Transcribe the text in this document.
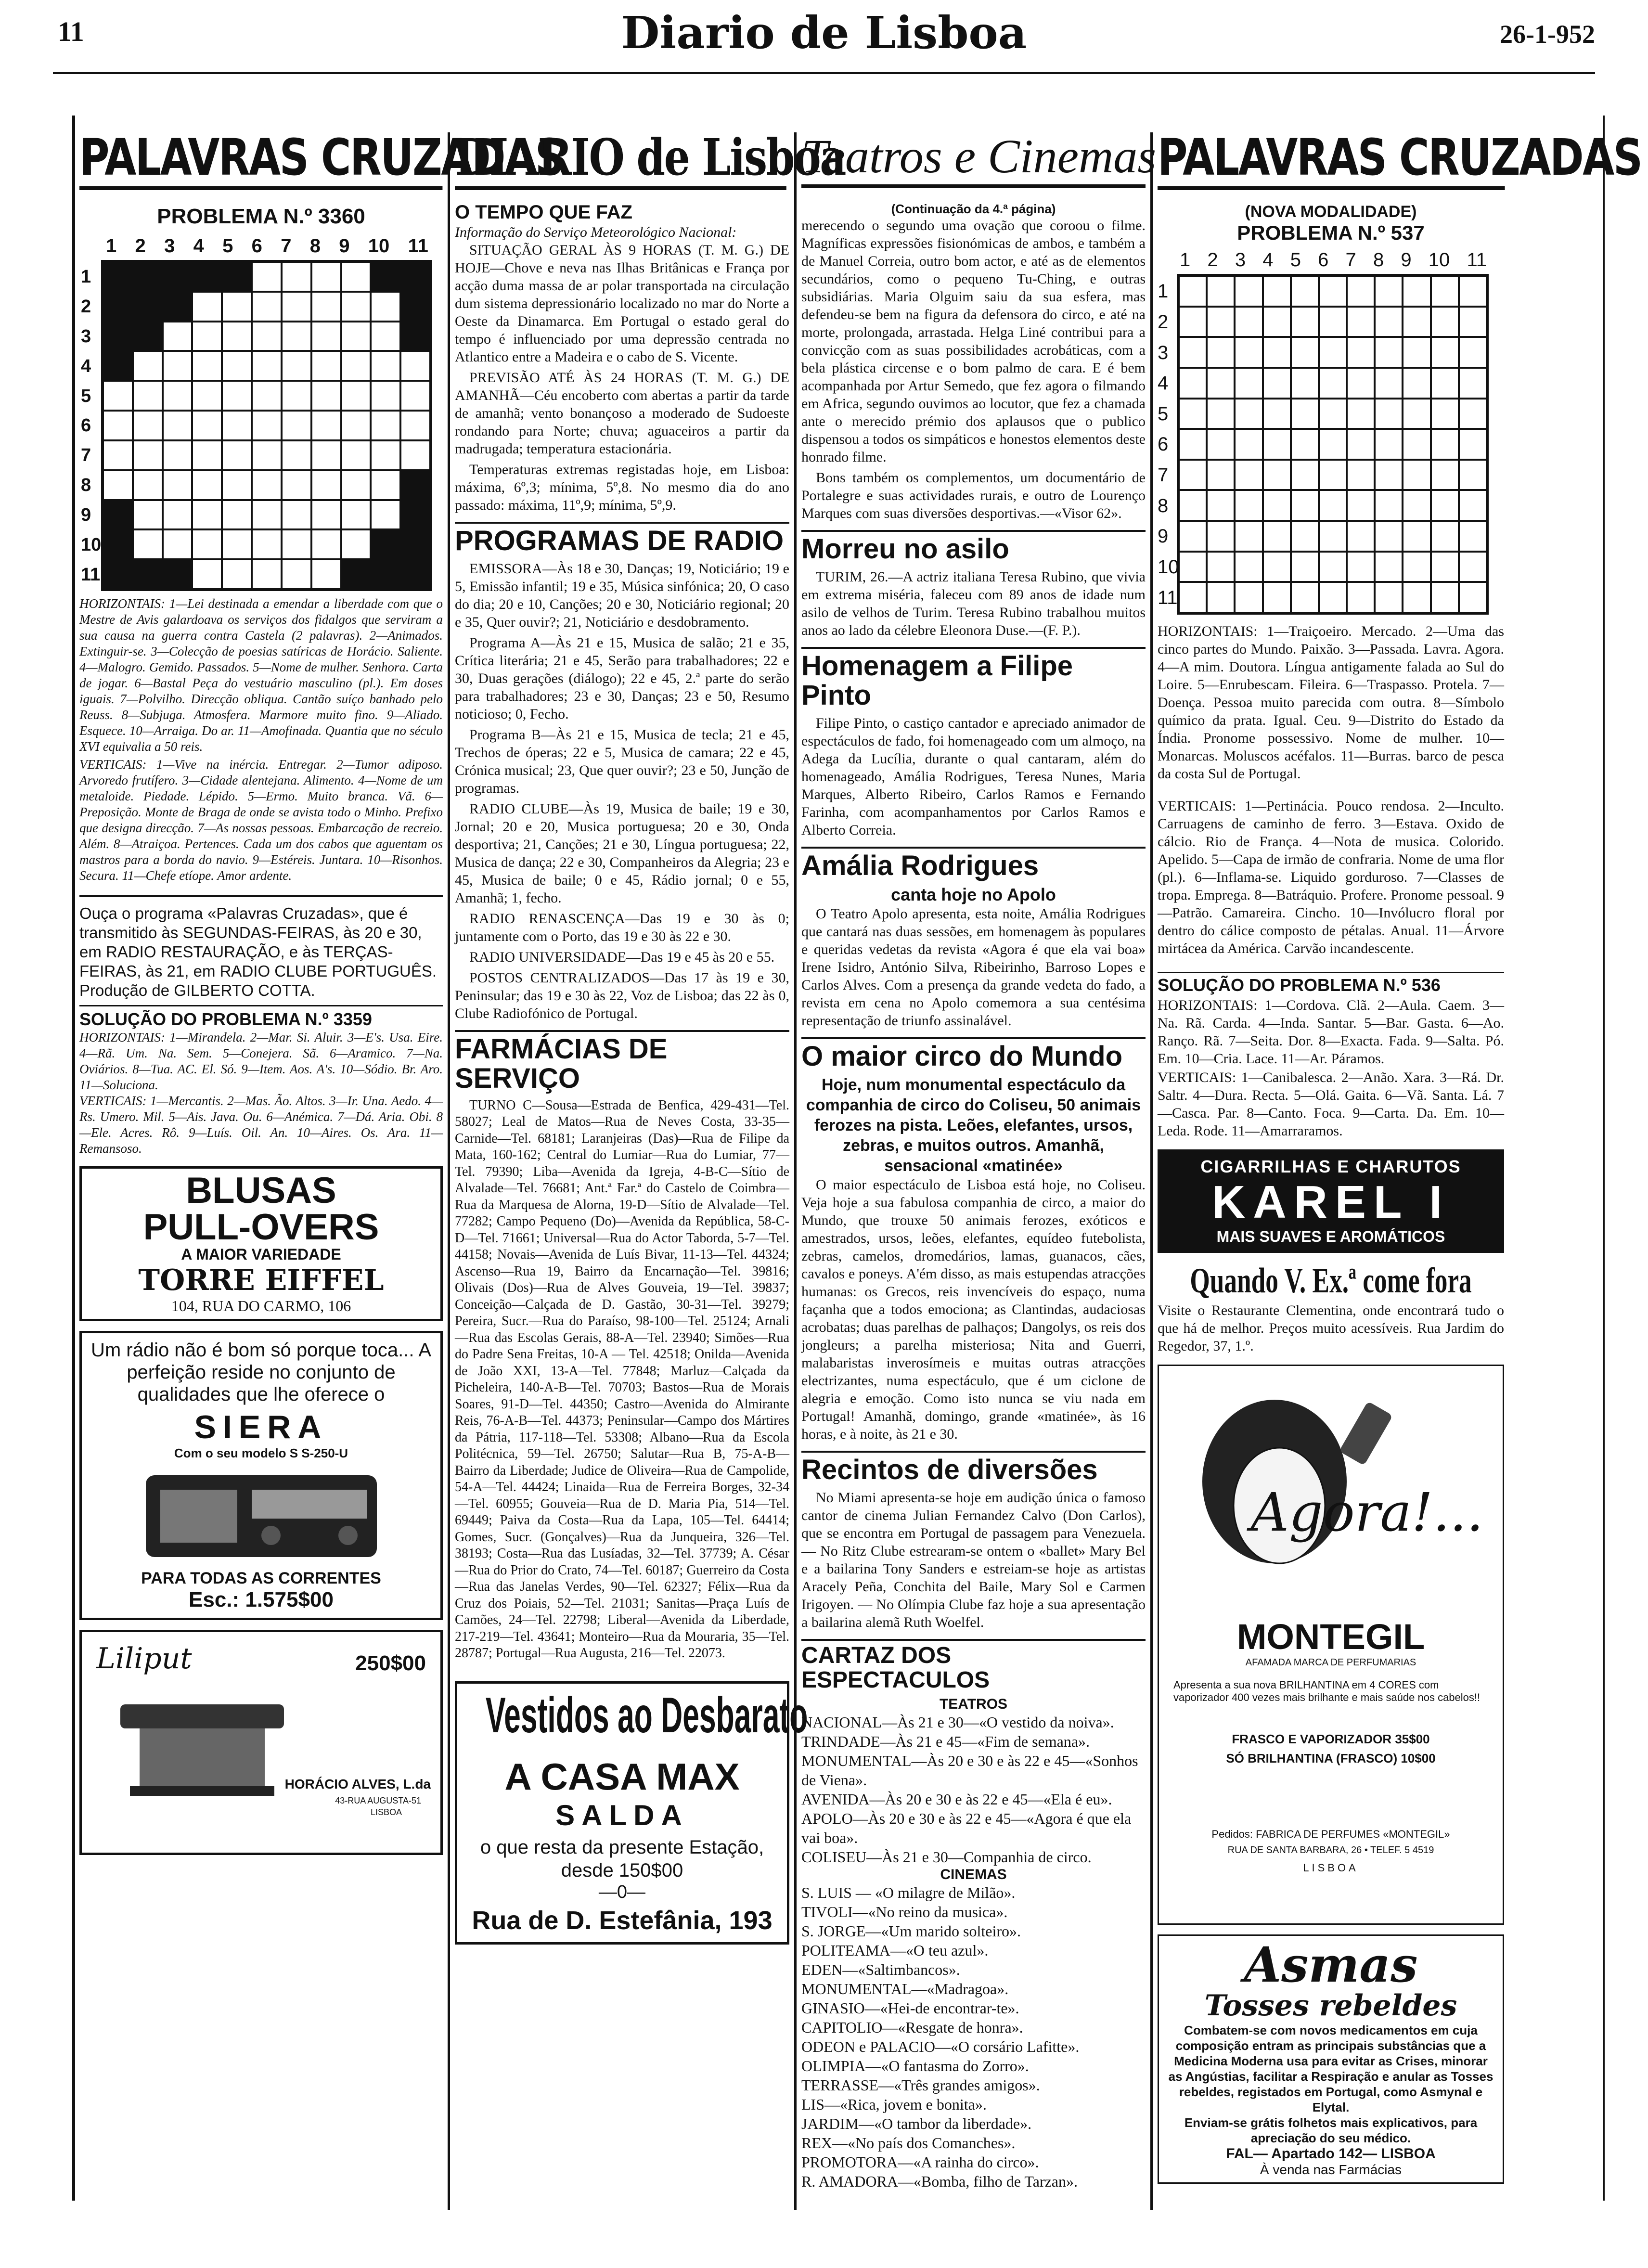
11	Diario de Lisboa	26-1-952
PALAVRAS CRUZADAS
PROBLEMA N.º 3360
1 2 3 4 5 6 7 8 9 10 11
1
2
3
4
5
6
7
8
9
10
11
HORIZONTAIS: 1—Lei destinada a emendar a liberdade com que o Mestre de Avis galardoava os serviços dos fidalgos que serviram a sua causa na guerra contra Castela (2 palavras). 2—Animados. Extinguir-se. 3—Colecção de poesias satíricas de Horácio. Saliente. 4—Malogro. Gemido. Passados. 5—Nome de mulher. Senhora. Carta de jogar. 6—Bastal Peça do vestuário masculino (pl.). Em doses iguais. 7—Polvilho. Direcção obliqua. Cantão suíço banhado pelo Reuss. 8—Subjuga. Atmosfera. Marmore muito fino. 9—Aliado. Esquece. 10—Arraiga. Do ar. 11—Amofinada. Quantia que no século XVI equivalia a 50 reis.
VERTICAIS: 1—Vive na inércia. Entregar. 2—Tumor adiposo. Arvoredo frutífero. 3—Cidade alentejana. Alimento. 4—Nome de um metaloide. Piedade. Lépido. 5—Ermo. Muito branca. Vã. 6—Preposição. Monte de Braga de onde se avista todo o Minho. Prefixo que designa direcção. 7—As nossas pessoas. Embarcação de recreio. Além. 8—Atraiçoa. Pertences. Cada um dos cabos que aguentam os mastros para a borda do navio. 9—Estéreis. Juntara. 10—Risonhos. Secura. 11—Chefe etíope. Amor ardente.
Ouça o programa «Palavras Cruzadas», que é transmitido às SEGUNDAS-FEIRAS, às 20 e 30, em RADIO RESTAURAÇÃO, e às TERÇAS-FEIRAS, às 21, em RADIO CLUBE PORTUGUÊS. Produção de GILBERTO COTTA.
SOLUÇÃO DO PROBLEMA N.º 3359
HORIZONTAIS: 1—Mirandela. 2—Mar. Si. Aluir. 3—E's. Usa. Eire. 4—Rã. Um. Na. Sem. 5—Conejera. Sã. 6—Aramico. 7—Na. Oviários. 8—Tua. AC. El. Só. 9—Item. Aos. A's. 10—Sódio. Br. Aro. 11—Soluciona.
VERTICAIS: 1—Mercantis. 2—Mas. Ão. Altos. 3—Ir. Una. Aedo. 4—Rs. Umero. Mil. 5—Ais. Java. Ou. 6—Anémica. 7—Dá. Aria. Obi. 8—Ele. Acres. Rô. 9—Luís. Oil. An. 10—Aires. Os. Ara. 11—Remansoso.
BLUSAS
PULL-OVERS
A MAIOR VARIEDADE
TORRE EIFFEL
104, RUA DO CARMO, 106
Um rádio não é bom só porque toca... A perfeição reside no conjunto de qualidades que lhe oferece o
SIERA
Com o seu modelo S S-250-U
PARA TODAS AS CORRENTES
Esc.: 1.575$00
Liliput	250$00
HORÁCIO ALVES, L.da
43-RUA AUGUSTA-51
LISBOA
DIARIO de Lisboa
O TEMPO QUE FAZ
Informação do Serviço Meteorológico Nacional:

SITUAÇÃO GERAL ÀS 9 HORAS (T. M. G.) DE HOJE—Chove e neva nas Ilhas Britânicas e França por acção duma massa de ar polar transportada na circulação dum sistema depressionário localizado no mar do Norte a Oeste da Dinamarca. Em Portugal o estado geral do tempo é influenciado por uma depressão centrada no Atlantico entre a Madeira e o cabo de S. Vicente.

PREVISÃO ATÉ ÀS 24 HORAS (T. M. G.) DE AMANHÃ—Céu encoberto com abertas a partir da tarde de amanhã; vento bonançoso a moderado de Sudoeste rondando para Norte; chuva; aguaceiros a partir da madrugada; temperatura estacionária.

Temperaturas extremas registadas hoje, em Lisboa: máxima, 6º,3; mínima, 5º,8. No mesmo dia do ano passado: máxima, 11º,9; mínima, 5º,9.

PROGRAMAS DE RADIO

EMISSORA—Às 18 e 30, Danças; 19, Noticiário; 19 e 5, Emissão infantil; 19 e 35, Música sinfónica; 20, O caso do dia; 20 e 10, Canções; 20 e 30, Noticiário regional; 20 e 35, Quer ouvir?; 21, Noticiário e desdobramento.

Programa A—Às 21 e 15, Musica de salão; 21 e 35, Crítica literária; 21 e 45, Serão para trabalhadores; 22 e 30, Duas gerações (diálogo); 22 e 45, 2.ª parte do serão para trabalhadores; 23 e 30, Danças; 23 e 50, Resumo noticioso; 0, Fecho.

Programa B—Às 21 e 15, Musica de tecla; 21 e 45, Trechos de óperas; 22 e 5, Musica de camara; 22 e 45, Crónica musical; 23, Que quer ouvir?; 23 e 50, Junção de programas.

RADIO CLUBE—Às 19, Musica de baile; 19 e 30, Jornal; 20 e 20, Musica portuguesa; 20 e 30, Onda desportiva; 21, Canções; 21 e 30, Língua portuguesa; 22, Musica de dança; 22 e 30, Companheiros da Alegria; 23 e 45, Musica de baile; 0 e 45, Rádio jornal; 0 e 55, Amanhã; 1, fecho.

RADIO RENASCENÇA—Das 19 e 30 às 0; juntamente com o Porto, das 19 e 30 às 22 e 30.

RADIO UNIVERSIDADE—Das 19 e 45 às 20 e 55.

POSTOS CENTRALIZADOS—Das 17 às 19 e 30, Peninsular; das 19 e 30 às 22, Voz de Lisboa; das 22 às 0, Clube Radiofónico de Portugal.

FARMÁCIAS DE SERVIÇO

TURNO C—Sousa—Estrada de Benfica, 429-431—Tel. 58027; Leal de Matos—Rua de Neves Costa, 33-35—Carnide—Tel. 68181; Laranjeiras (Das)—Rua de Filipe da Mata, 160-162; Central do Lumiar—Rua do Lumiar, 77—Tel. 79390; Liba—Avenida da Igreja, 4-B-C—Sítio de Alvalade—Tel. 76681; Ant.ª Far.ª do Castelo de Coimbra—Rua da Marquesa de Alorna, 19-D—Sítio de Alvalade—Tel. 77282; Campo Pequeno (Do)—Avenida da República, 58-C-D—Tel. 71661; Universal—Rua do Actor Taborda, 5-7—Tel. 44158; Novais—Avenida de Luís Bivar, 11-13—Tel. 44324; Ascenso—Rua 19, Bairro da Encarnação—Tel. 39816; Olivais (Dos)—Rua de Alves Gouveia, 19—Tel. 39837; Conceição—Calçada de D. Gastão, 30-31—Tel. 39279; Pereira, Sucr.—Rua do Paraíso, 98-100—Tel. 25124; Arnali—Rua das Escolas Gerais, 88-A—Tel. 23940; Simões—Rua do Padre Sena Freitas, 10-A — Tel. 42518; Onilda—Avenida de João XXI, 13-A—Tel. 77848; Marluz—Calçada da Picheleira, 140-A-B—Tel. 70703; Bastos—Rua de Morais Soares, 91-D—Tel. 44350; Castro—Avenida do Almirante Reis, 76-A-B—Tel. 44373; Peninsular—Campo dos Mártires da Pátria, 117-118—Tel. 53308; Albano—Rua da Escola Politécnica, 59—Tel. 26750; Salutar—Rua B, 75-A-B—Bairro da Liberdade; Judice de Oliveira—Rua de Campolide, 54-A—Tel. 44424; Linaida—Rua de Ferreira Borges, 32-34—Tel. 60955; Gouveia—Rua de D. Maria Pia, 514—Tel. 69449; Paiva da Costa—Rua da Lapa, 105—Tel. 64414; Gomes, Sucr. (Gonçalves)—Rua da Junqueira, 326—Tel. 38193; Costa—Rua das Lusíadas, 32—Tel. 37739; A. César—Rua do Prior do Crato, 74—Tel. 60187; Guerreiro da Costa—Rua das Janelas Verdes, 90—Tel. 62327; Félix—Rua da Cruz dos Poiais, 52—Tel. 21031; Sanitas—Praça Luís de Camões, 24—Tel. 22798; Liberal—Avenida da Liberdade, 217-219—Tel. 43641; Monteiro—Rua da Mouraria, 35—Tel. 28787; Portugal—Rua Augusta, 216—Tel. 22073.

Vestidos ao Desbarato
A CASA MAX
SALDA
o que resta da presente Estação, desde 150$00
—0—
Rua de D. Estefânia, 193
Teatros e Cinemas
(Continuação da 4.ª página)

merecendo o segundo uma ovação que coroou o filme. Magníficas expressões fisionómicas de ambos, e também a de Manuel Correia, outro bom actor, e até as de elementos secundários, como o pequeno Tu-Ching, e outras subsidiárias. Maria Olguim saiu da sua esfera, mas defendeu-se bem na figura da defensora do circo, e até na morte, prolongada, arrastada. Helga Liné contribui para a convicção com as suas possibilidades acrobáticas, com a bela plástica circense e o bom palmo de cara. E é bem acompanhada por Artur Semedo, que fez agora o filmando em Africa, segundo ouvimos ao locutor, que fez a chamada ante o merecido prémio dos aplausos que o publico dispensou a todos os simpáticos e honestos elementos deste honrado filme.

Bons também os complementos, um documentário de Portalegre e suas actividades rurais, e outro de Lourenço Marques com suas diversões desportivas.—«Visor 62».

Morreu no asilo

TURIM, 26.—A actriz italiana Teresa Rubino, que vivia em extrema miséria, faleceu com 89 anos de idade num asilo de velhos de Turim. Teresa Rubino trabalhou muitos anos ao lado da célebre Eleonora Duse.—(F. P.).

Homenagem a Filipe Pinto

Filipe Pinto, o castiço cantador e apreciado animador de espectáculos de fado, foi homenageado com um almoço, na Adega da Lucília, durante o qual cantaram, além do homenageado, Amália Rodrigues, Teresa Nunes, Maria Marques, Alberto Ribeiro, Carlos Ramos e Fernando Farinha, com acompanhamentos por Carlos Ramos e Alberto Correia.

Amália Rodrigues
canta hoje no Apolo

O Teatro Apolo apresenta, esta noite, Amália Rodrigues que cantará nas duas sessões, em homenagem às populares e queridas vedetas da revista «Agora é que ela vai boa» Irene Isidro, António Silva, Ribeirinho, Barroso Lopes e Carlos Alves. Com a presença da grande vedeta do fado, a revista em cena no Apolo comemora a sua centésima representação de triunfo assinalável.

O maior circo do Mundo
Hoje, num monumental espectáculo da companhia de circo do Coliseu, 50 animais ferozes na pista. Leões, elefantes, ursos, zebras, e muitos outros. Amanhã, sensacional «matinée»

O maior espectáculo de Lisboa está hoje, no Coliseu. Veja hoje a sua fabulosa companhia de circo, a maior do Mundo, que trouxe 50 animais ferozes, exóticos e amestrados, ursos, leões, elefantes, equídeo futebolista, zebras, camelos, dromedários, lamas, guanacos, cães, cavalos e poneys. A'ém disso, as mais estupendas atracções humanas: os Grecos, reis invencíveis do espaço, numa façanha que a todos emociona; as Clantindas, audaciosas acrobatas; duas parelhas de palhaços; Dangolys, os reis dos jongleurs; a parelha misteriosa; Nita and Guerri, malabaristas inverosímeis e muitas outras atracções electrizantes, numa espectáculo, que é um ciclone de alegria e emoção. Como isto nunca se viu nada em Portugal! Amanhã, domingo, grande «matinée», às 16 horas, e à noite, às 21 e 30.

Recintos de diversões

No Miami apresenta-se hoje em audição única o famoso cantor de cinema Julian Fernandez Calvo (Don Carlos), que se encontra em Portugal de passagem para Venezuela. — No Ritz Clube estrearam-se ontem o «ballet» Mary Bel e a bailarina Tony Sanders e estreiam-se hoje as artistas Aracely Peña, Conchita del Baile, Mary Sol e Carmen Irigoyen. — No Olímpia Clube faz hoje a sua apresentação a bailarina alemã Ruth Woelfel.

CARTAZ DOS ESPECTACULOS
TEATROS
NACIONAL—Às 21 e 30—«O vestido da noiva».
TRINDADE—Às 21 e 45—«Fim de semana».
MONUMENTAL—Às 20 e 30 e às 22 e 45—«Sonhos de Viena».
AVENIDA—Às 20 e 30 e às 22 e 45—«Ela é eu».
APOLO—Às 20 e 30 e às 22 e 45—«Agora é que ela vai boa».
COLISEU—Às 21 e 30—Companhia de circo.
CINEMAS
S. LUIS — «O milagre de Milão».
TIVOLI—«No reino da musica».
S. JORGE—«Um marido solteiro».
POLITEAMA—«O teu azul».
EDEN—«Saltimbancos».
MONUMENTAL—«Madragoa».
GINASIO—«Hei-de encontrar-te».
CAPITOLIO—«Resgate de honra».
ODEON e PALACIO—«O corsário Lafitte».
OLIMPIA—«O fantasma do Zorro».
TERRASSE—«Três grandes amigos».
LIS—«Rica, jovem e bonita».
JARDIM—«O tambor da liberdade».
REX—«No país dos Comanches».
PROMOTORA—«A rainha do circo».
R. AMADORA—«Bomba, filho de Tarzan».
PALAVRAS CRUZADAS
(NOVA MODALIDADE)
PROBLEMA N.º 537
1 2 3 4 5 6 7 8 9 10 11
1
2
3
4
5
6
7
8
9
10
11

HORIZONTAIS: 1—Traiçoeiro. Mercado. 2—Uma das cinco partes do Mundo. Paixão. 3—Passada. Lavra. Agora. 4—A mim. Doutora. Língua antigamente falada ao Sul do Loire. 5—Enrubescam. Fileira. 6—Traspasso. Protela. 7—Doença. Pessoa muito parecida com outra. 8—Símbolo químico da prata. Igual. Ceu. 9—Distrito do Estado da Índia. Pronome possessivo. Nome de mulher. 10—Monarcas. Moluscos acéfalos. 11—Burras. barco de pesca da costa Sul de Portugal.

VERTICAIS: 1—Pertinácia. Pouco rendosa. 2—Inculto. Carruagens de caminho de ferro. 3—Estava. Oxido de cálcio. Rio de França. 4—Nota de musica. Colorido. Apelido. 5—Capa de irmão de confraria. Nome de uma flor (pl.). 6—Inflama-se. Liquido gorduroso. 7—Classes de tropa. Emprega. 8—Batráquio. Profere. Pronome pessoal. 9—Patrão. Camareira. Cincho. 10—Invólucro floral por dentro do cálice composto de pétalas. Anual. 11—Árvore mirtácea da América. Carvão incandescente.

SOLUÇÃO DO PROBLEMA N.º 536

HORIZONTAIS: 1—Cordova. Clã. 2—Aula. Caem. 3—Na. Rã. Carda. 4—Inda. Santar. 5—Bar. Gasta. 6—Ao. Ranço. Rã. 7—Seita. Dor. 8—Exacta. Fada. 9—Salta. Pó. Em. 10—Cria. Lace. 11—Ar. Páramos.

VERTICAIS: 1—Canibalesca. 2—Anão. Xara. 3—Rá. Dr. Saltr. 4—Dura. Recta. 5—Olá. Gaita. 6—Vã. Santa. Lá. 7—Casca. Par. 8—Canto. Foca. 9—Carta. Da. Em. 10—Leda. Rode. 11—Amarraramos.

CIGARRILHAS E CHARUTOS
KAREL I
MAIS SUAVES E AROMÁTICOS
Quando V. Ex.ª come fora
Visite o Restaurante Clementina, onde encontrará tudo o que há de melhor. Preços muito acessíveis. Rua Jardim do Regedor, 37, 1.º.
Agora!...
MONTEGIL
AFAMADA MARCA DE PERFUMARIAS
Apresenta a sua nova BRILHANTINA em 4 CORES com vaporizador 400 vezes mais brilhante e mais saúde nos cabelos!!
FRASCO E VAPORIZADOR 35$00
SÓ BRILHANTINA (FRASCO) 10$00
Pedidos: FABRICA DE PERFUMES «MONTEGIL»
RUA DE SANTA BARBARA, 26 • TELEF. 5 4519
LISBOA
Asmas
Tosses rebeldes
Combatem-se com novos medicamentos em cuja composição entram as principais substâncias que a Medicina Moderna usa para evitar as Crises, minorar as Angústias, facilitar a Respiração e anular as Tosses rebeldes, registados em Portugal, como Asmynal e Elytal.
Enviam-se grátis folhetos mais explicativos, para apreciação do seu médico.
FAL— Apartado 142— LISBOA
À venda nas Farmácias
